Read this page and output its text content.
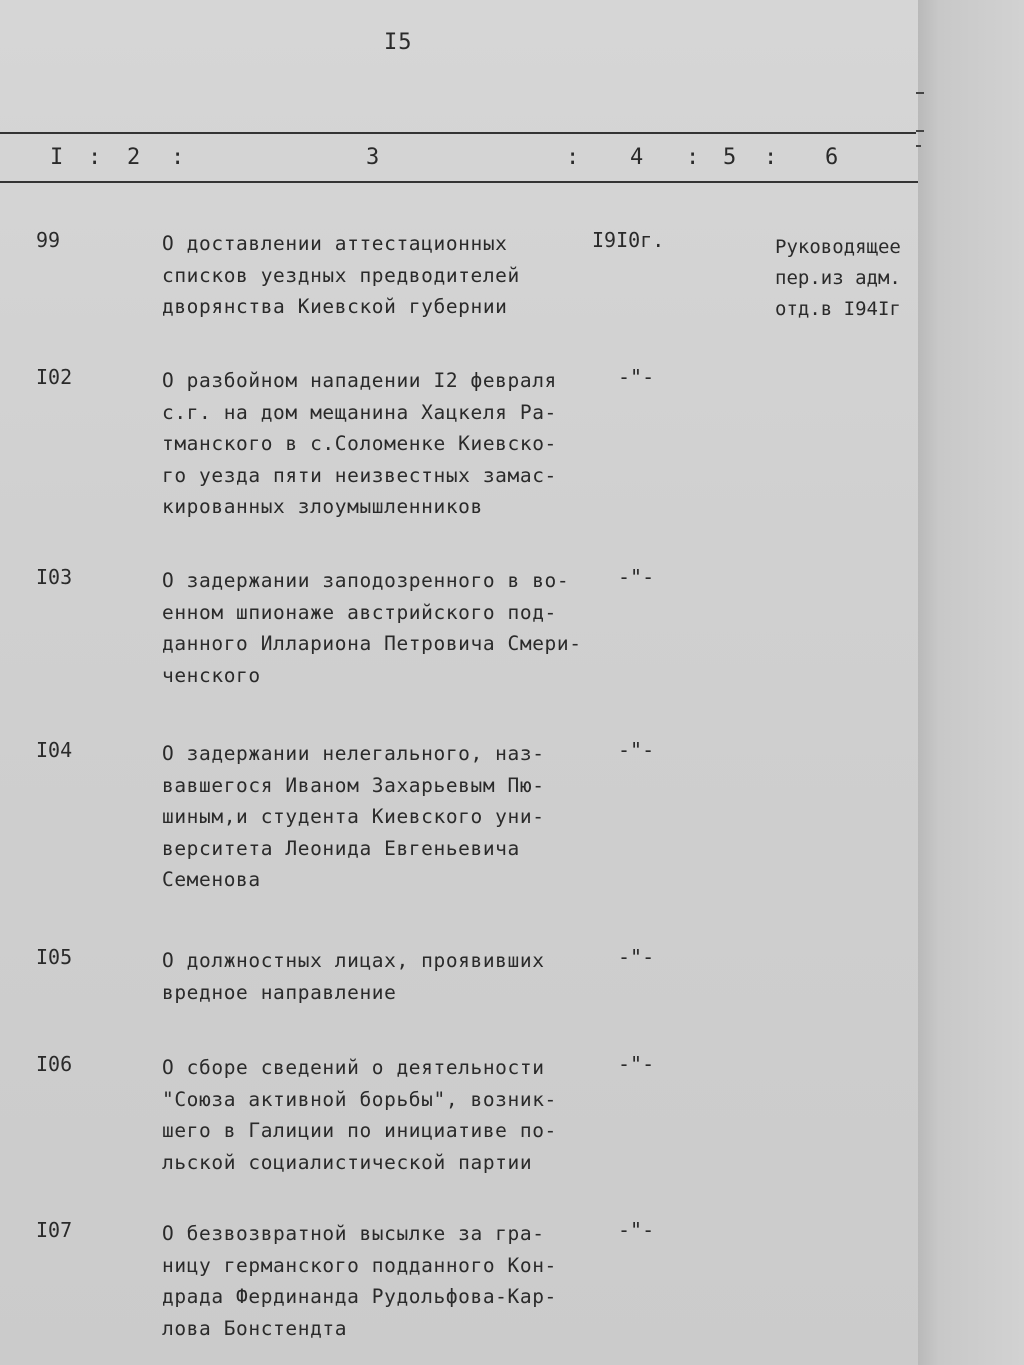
I5
I : 2 :	3	: 4 : 5 : 6
99	О доставлении аттестационных
списков уездных предводителей
дворянства Киевской губернии
I9I0г.	Руководящее
пер.из адм.
отд.в I94Iг
I02	О разбойном нападении I2 февраля
с.г. на дом мещанина Хацкеля Ра-
тманского в с.Соломенке Киевско-
го уезда пяти неизвестных замас-
кированных злоумышленников
-"-
I03	О задержании заподозренного в во-
енном шпионаже австрийского под-
данного Иллариона Петровича Смери-
ченского
-"-
I04	О задержании нелегального, наз-
вавшегося Иваном Захарьевым Пю-
шиным,и студента Киевского уни-
верситета Леонида Евгеньевича
Семенова
-"-
I05	О должностных лицах, проявивших
вредное направление
-"-
I06	О сборе сведений о деятельности
"Союза активной борьбы", возник-
шего в Галиции по инициативе по-
льской социалистической партии
-"-
I07	О безвозвратной высылке за гра-
ницу германского подданного Кон-
драда Фердинанда Рудольфова-Кар-
лова Бонстендта
-"-
